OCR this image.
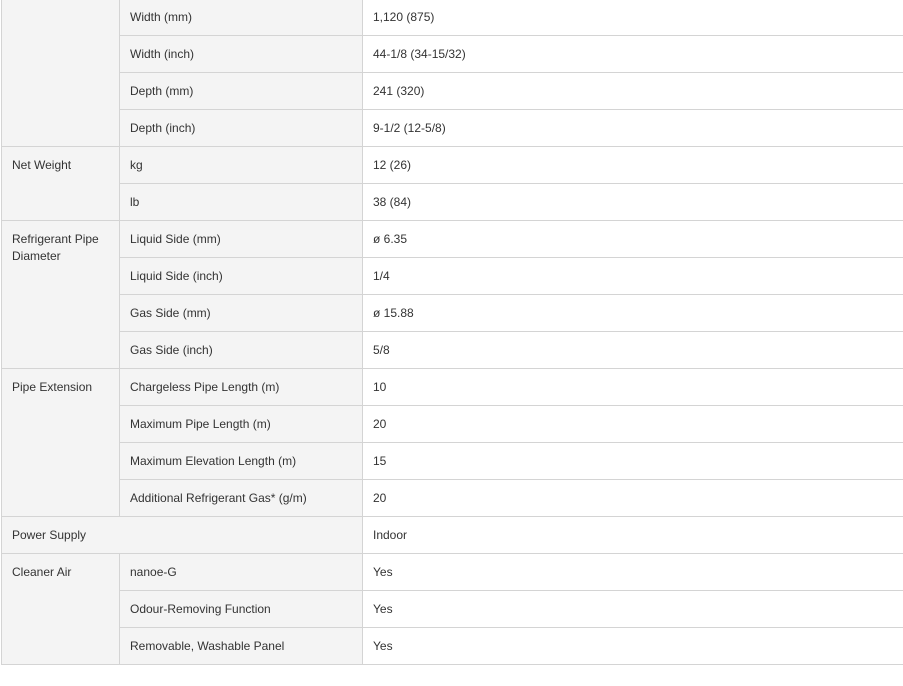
	Width (mm)	1,120 (875)

	Width (inch)	44-1/8 (34-15/32)

	Depth (mm)	241 (320)

	Depth (inch)	9-1/2 (12-5/8)

Net Weight	kg	12 (26)

	lb	38 (84)

Refrigerant Pipe Diameter	Liquid Side (mm)	ø 6.35

	Liquid Side (inch)	1/4

	Gas Side (mm)	ø 15.88

	Gas Side (inch)	5/8

Pipe Extension	Chargeless Pipe Length (m)	10

	Maximum Pipe Length (m)	20

	Maximum Elevation Length (m)	15

	Additional Refrigerant Gas* (g/m)	20

Power Supply		Indoor

Cleaner Air	nanoe-G	Yes

	Odour-Removing Function	Yes

	Removable, Washable Panel	Yes
